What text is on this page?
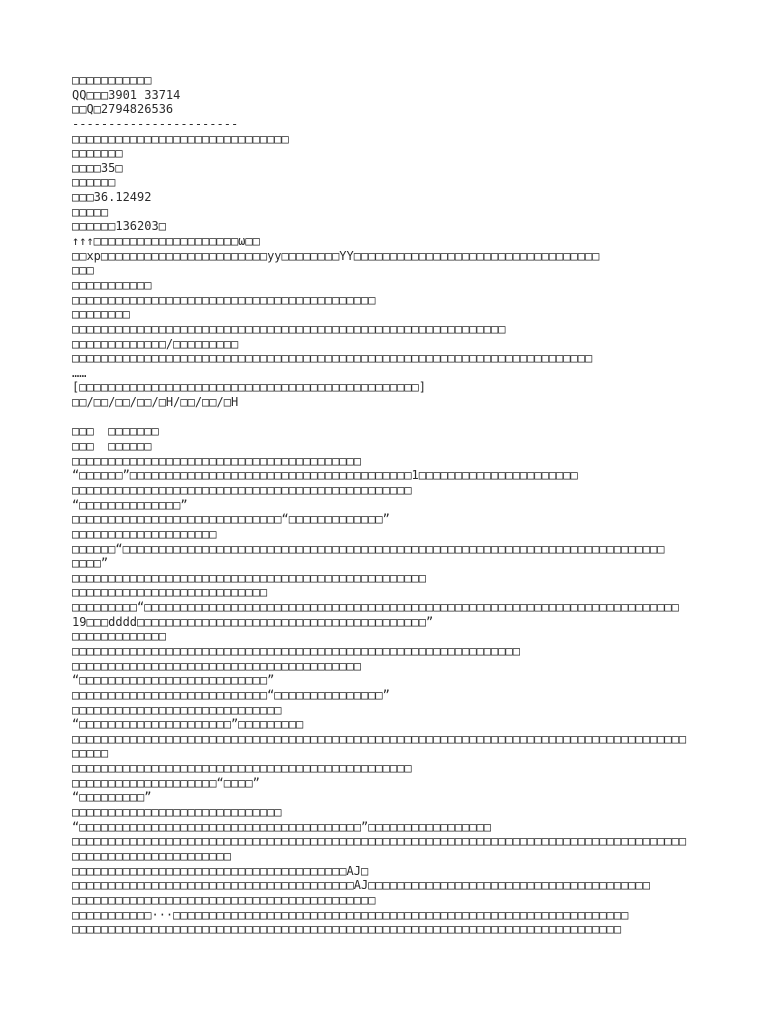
□□□□□□□□□□□
QQ□□□3901 33714
□□Q□2794826536
-----------------------
□□□□□□□□□□□□□□□□□□□□□□□□□□□□□□
□□□□□□□
□□□□35□
□□□□□□
□□□36.12492
□□□□□
□□□□□□136203□
↑↑↑□□□□□□□□□□□□□□□□□□□□ω□□
□□xp□□□□□□□□□□□□□□□□□□□□□□□yy□□□□□□□□YY□□□□□□□□□□□□□□□□□□□□□□□□□□□□□□□□□□
□□□
□□□□□□□□□□□
□□□□□□□□□□□□□□□□□□□□□□□□□□□□□□□□□□□□□□□□□□
□□□□□□□□
□□□□□□□□□□□□□□□□□□□□□□□□□□□□□□□□□□□□□□□□□□□□□□□□□□□□□□□□□□□□
□□□□□□□□□□□□□/□□□□□□□□□
□□□□□□□□□□□□□□□□□□□□□□□□□□□□□□□□□□□□□□□□□□□□□□□□□□□□□□□□□□□□□□□□□□□□□□□□
……
[□□□□□□□□□□□□□□□□□□□□□□□□□□□□□□□□□□□□□□□□□□□□□□□]
□□/□□/□□/□□/□H/□□/□□/□H
□□□  □□□□□□□
□□□  □□□□□□
□□□□□□□□□□□□□□□□□□□□□□□□□□□□□□□□□□□□□□□□
“□□□□□□”□□□□□□□□□□□□□□□□□□□□□□□□□□□□□□□□□□□□□□□1□□□□□□□□□□□□□□□□□□□□□□
□□□□□□□□□□□□□□□□□□□□□□□□□□□□□□□□□□□□□□□□□□□□□□□
“□□□□□□□□□□□□□□”
□□□□□□□□□□□□□□□□□□□□□□□□□□□□□“□□□□□□□□□□□□□”
□□□□□□□□□□□□□□□□□□□□
□□□□□□“□□□□□□□□□□□□□□□□□□□□□□□□□□□□□□□□□□□□□□□□□□□□□□□□□□□□□□□□□□□□□□□□□□□□□□□□□□□
□□□□”
□□□□□□□□□□□□□□□□□□□□□□□□□□□□□□□□□□□□□□□□□□□□□□□□□
□□□□□□□□□□□□□□□□□□□□□□□□□□□
□□□□□□□□□“□□□□□□□□□□□□□□□□□□□□□□□□□□□□□□□□□□□□□□□□□□□□□□□□□□□□□□□□□□□□□□□□□□□□□□□□□□
19□□□dddd□□□□□□□□□□□□□□□□□□□□□□□□□□□□□□□□□□□□□□□□”
□□□□□□□□□□□□□
□□□□□□□□□□□□□□□□□□□□□□□□□□□□□□□□□□□□□□□□□□□□□□□□□□□□□□□□□□□□□□
□□□□□□□□□□□□□□□□□□□□□□□□□□□□□□□□□□□□□□□□
“□□□□□□□□□□□□□□□□□□□□□□□□□□”
□□□□□□□□□□□□□□□□□□□□□□□□□□□“□□□□□□□□□□□□□□□”
□□□□□□□□□□□□□□□□□□□□□□□□□□□□□
“□□□□□□□□□□□□□□□□□□□□□”□□□□□□□□□
□□□□□□□□□□□□□□□□□□□□□□□□□□□□□□□□□□□□□□□□□□□□□□□□□□□□□□□□□□□□□□□□□□□□□□□□□□□□□□□□□□□□□
□□□□□
□□□□□□□□□□□□□□□□□□□□□□□□□□□□□□□□□□□□□□□□□□□□□□□
□□□□□□□□□□□□□□□□□□□□“□□□□”
“□□□□□□□□□”
□□□□□□□□□□□□□□□□□□□□□□□□□□□□□
“□□□□□□□□□□□□□□□□□□□□□□□□□□□□□□□□□□□□□□□”□□□□□□□□□□□□□□□□□
□□□□□□□□□□□□□□□□□□□□□□□□□□□□□□□□□□□□□□□□□□□□□□□□□□□□□□□□□□□□□□□□□□□□□□□□□□□□□□□□□□□□□
□□□□□□□□□□□□□□□□□□□□□□
□□□□□□□□□□□□□□□□□□□□□□□□□□□□□□□□□□□□□□AJ□
□□□□□□□□□□□□□□□□□□□□□□□□□□□□□□□□□□□□□□□AJ□□□□□□□□□□□□□□□□□□□□□□□□□□□□□□□□□□□□□□□
□□□□□□□□□□□□□□□□□□□□□□□□□□□□□□□□□□□□□□□□□□
□□□□□□□□□□□···□□□□□□□□□□□□□□□□□□□□□□□□□□□□□□□□□□□□□□□□□□□□□□□□□□□□□□□□□□□□□□□
□□□□□□□□□□□□□□□□□□□□□□□□□□□□□□□□□□□□□□□□□□□□□□□□□□□□□□□□□□□□□□□□□□□□□□□□□□□□
